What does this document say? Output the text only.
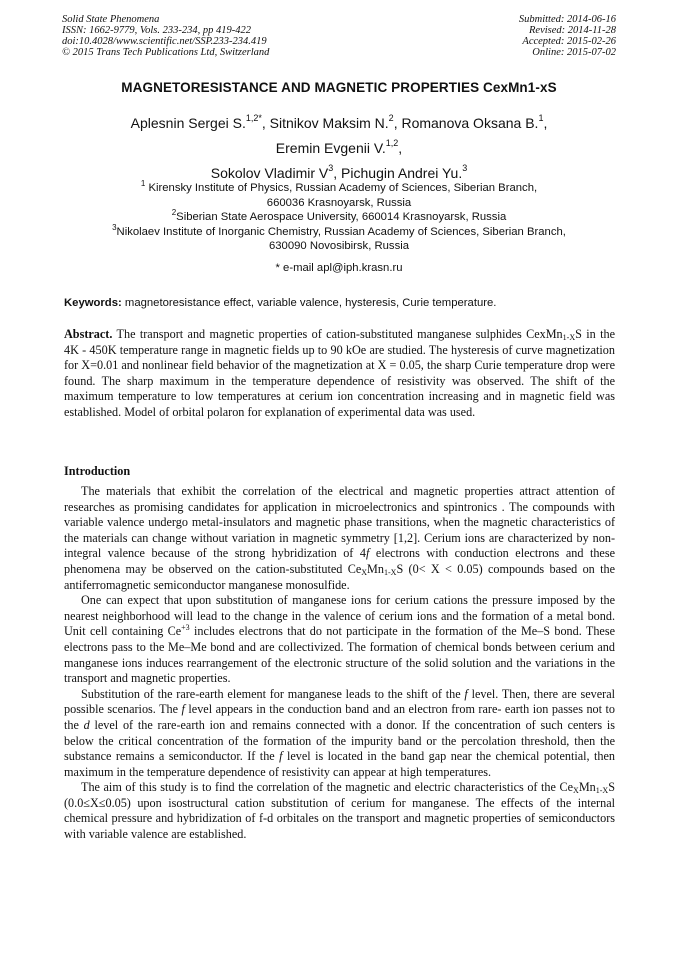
Solid State Phenomena
ISSN: 1662-9779, Vols. 233-234, pp 419-422
doi:10.4028/www.scientific.net/SSP.233-234.419
© 2015 Trans Tech Publications Ltd, Switzerland
Submitted: 2014-06-16
Revised: 2014-11-28
Accepted: 2015-02-26
Online: 2015-07-02
MAGNETORESISTANCE AND MAGNETIC PROPERTIES CexMn1-xS
Aplesnin Sergei S.$^{1,2*}$, Sitnikov Maksim N.$^2$, Romanova Oksana B.$^1$,
Eremin Evgenii V.$^{1,2}$,
Sokolov Vladimir $V^3$, Pichugin Andrei Yu.$^3$
$^1$ Kirensky Institute of Physics, Russian Academy of Sciences, Siberian Branch,
660036 Krasnoyarsk, Russia
$^2$Siberian State Aerospace University, 660014 Krasnoyarsk, Russia
$^3$Nikolaev Institute of Inorganic Chemistry, Russian Academy of Sciences, Siberian Branch,
630090 Novosibirsk, Russia
* e-mail apl@iph.krasn.ru
Keywords: magnetoresistance effect, variable valence, hysteresis, Curie temperature.

Abstract. The transport and magnetic properties of cation-substituted manganese sulphides CexMn$_{1-X}$S in the 4K - 450K temperature range in magnetic fields up to 90 kOe are studied. The hysteresis of curve magnetization for X=0.01 and nonlinear field behavior of the magnetization at X = 0.05, the sharp Curie temperature drop were found. The sharp maximum in the temperature dependence of resistivity was observed. The shift of the maximum temperature to low temperatures at cerium ion concentration increasing and in magnetic field was established. Model of orbital polaron for explanation of experimental data was used.

Introduction

The materials that exhibit the correlation of the electrical and magnetic properties attract attention of researches as promising candidates for application in microelectronics and spintronics . The compounds with variable valence undergo metal-insulators and magnetic phase transitions, when the magnetic characteristics of the materials can change without variation in magnetic symmetry [1,2]. Cerium ions are characterized by non-integral valence because of the strong hybridization of 4f electrons with conduction electrons and these phenomena may be observed on the cation-substituted $Ce_XMn_{1-X}S$ (0< X < 0.05) compounds based on the antiferromagnetic semiconductor manganese monosulfide.

One can expect that upon substitution of manganese ions for cerium cations the pressure imposed by the nearest neighborhood will lead to the change in the valence of cerium ions and the formation of a metal bond. Unit cell containing $Ce^{+3}$ includes electrons that do not participate in the formation of the Me–S bond. These electrons pass to the Me–Me bond and are collectivized. The formation of chemical bonds between cerium and manganese ions induces rearrangement of the electronic structure of the solid solution and the variations in the transport and magnetic properties.

Substitution of the rare-earth element for manganese leads to the shift of the f level. Then, there are several possible scenarios. The f level appears in the conduction band and an electron from rare- earth ion passes not to the d level of the rare-earth ion and remains connected with a donor. If the concentration of such centers is below the critical concentration of the formation of the impurity band or the percolation threshold, then the substance remains a semiconductor. If the f level is located in the band gap near the chemical potential, then maximum in the temperature dependence of resistivity can appear at high temperatures.

The aim of this study is to find the correlation of the magnetic and electric characteristics of the $Ce_XMn_{1-X}S$ (0.0≤X≤0.05) upon isostructural cation substitution of cerium for manganese. The effects of the internal chemical pressure and hybridization of f-d orbitales on the transport and magnetic properties of semiconductors with variable valence are established.
